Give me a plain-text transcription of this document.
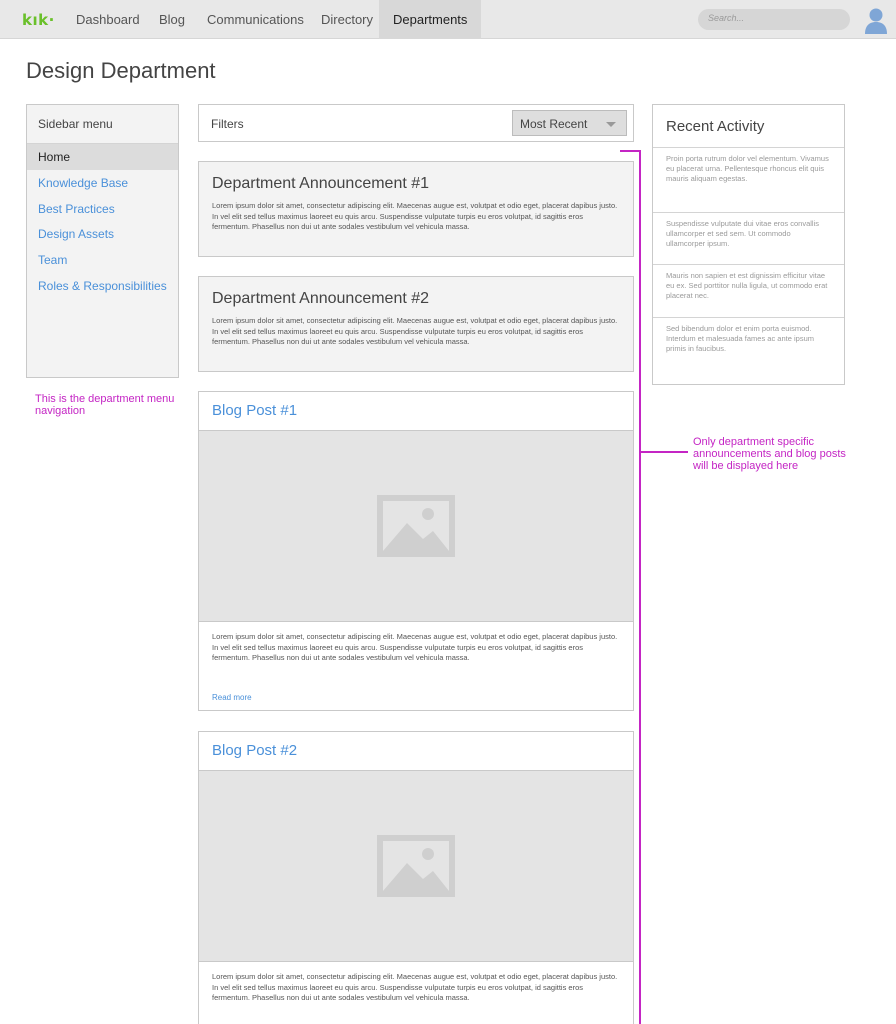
kık· Dashboard Blog Communications Directory	Departments	Search...
Design Department
Sidebar menu
Home
Knowledge Base
Best Practices
Design Assets
Team
Roles & Responsibilities
This is the department menu navigation
Filters	Most Recent
Department Announcement #1
Lorem ipsum dolor sit amet, consectetur adipiscing elit. Maecenas augue est, volutpat et odio eget, placerat dapibus justo. In vel elit sed tellus maximus laoreet eu quis arcu. Suspendisse vulputate turpis eu eros volutpat, id sagittis eros fermentum. Phasellus non dui ut ante sodales vestibulum vel vehicula massa.
Department Announcement #2
Lorem ipsum dolor sit amet, consectetur adipiscing elit. Maecenas augue est, volutpat et odio eget, placerat dapibus justo. In vel elit sed tellus maximus laoreet eu quis arcu. Suspendisse vulputate turpis eu eros volutpat, id sagittis eros fermentum. Phasellus non dui ut ante sodales vestibulum vel vehicula massa.
Blog Post #1
Lorem ipsum dolor sit amet, consectetur adipiscing elit. Maecenas augue est, volutpat et odio eget, placerat dapibus justo. In vel elit sed tellus maximus laoreet eu quis arcu. Suspendisse vulputate turpis eu eros volutpat, id sagittis eros fermentum. Phasellus non dui ut ante sodales vestibulum vel vehicula massa.
Read more
Blog Post #2
Lorem ipsum dolor sit amet, consectetur adipiscing elit. Maecenas augue est, volutpat et odio eget, placerat dapibus justo. In vel elit sed tellus maximus laoreet eu quis arcu. Suspendisse vulputate turpis eu eros volutpat, id sagittis eros fermentum. Phasellus non dui ut ante sodales vestibulum vel vehicula massa.
Recent Activity
Proin porta rutrum dolor vel elementum. Vivamus eu placerat urna. Pellentesque rhoncus elit quis mauris aliquam egestas.
Suspendisse vulputate dui vitae eros convallis ullamcorper et sed sem. Ut commodo ullamcorper ipsum.
Mauris non sapien et est dignissim efficitur vitae eu ex. Sed porttitor nulla ligula, ut commodo erat placerat nec.
Sed bibendum dolor et enim porta euismod. Interdum et malesuada fames ac ante ipsum primis in faucibus.
Only department specific announcements and blog posts will be displayed here
